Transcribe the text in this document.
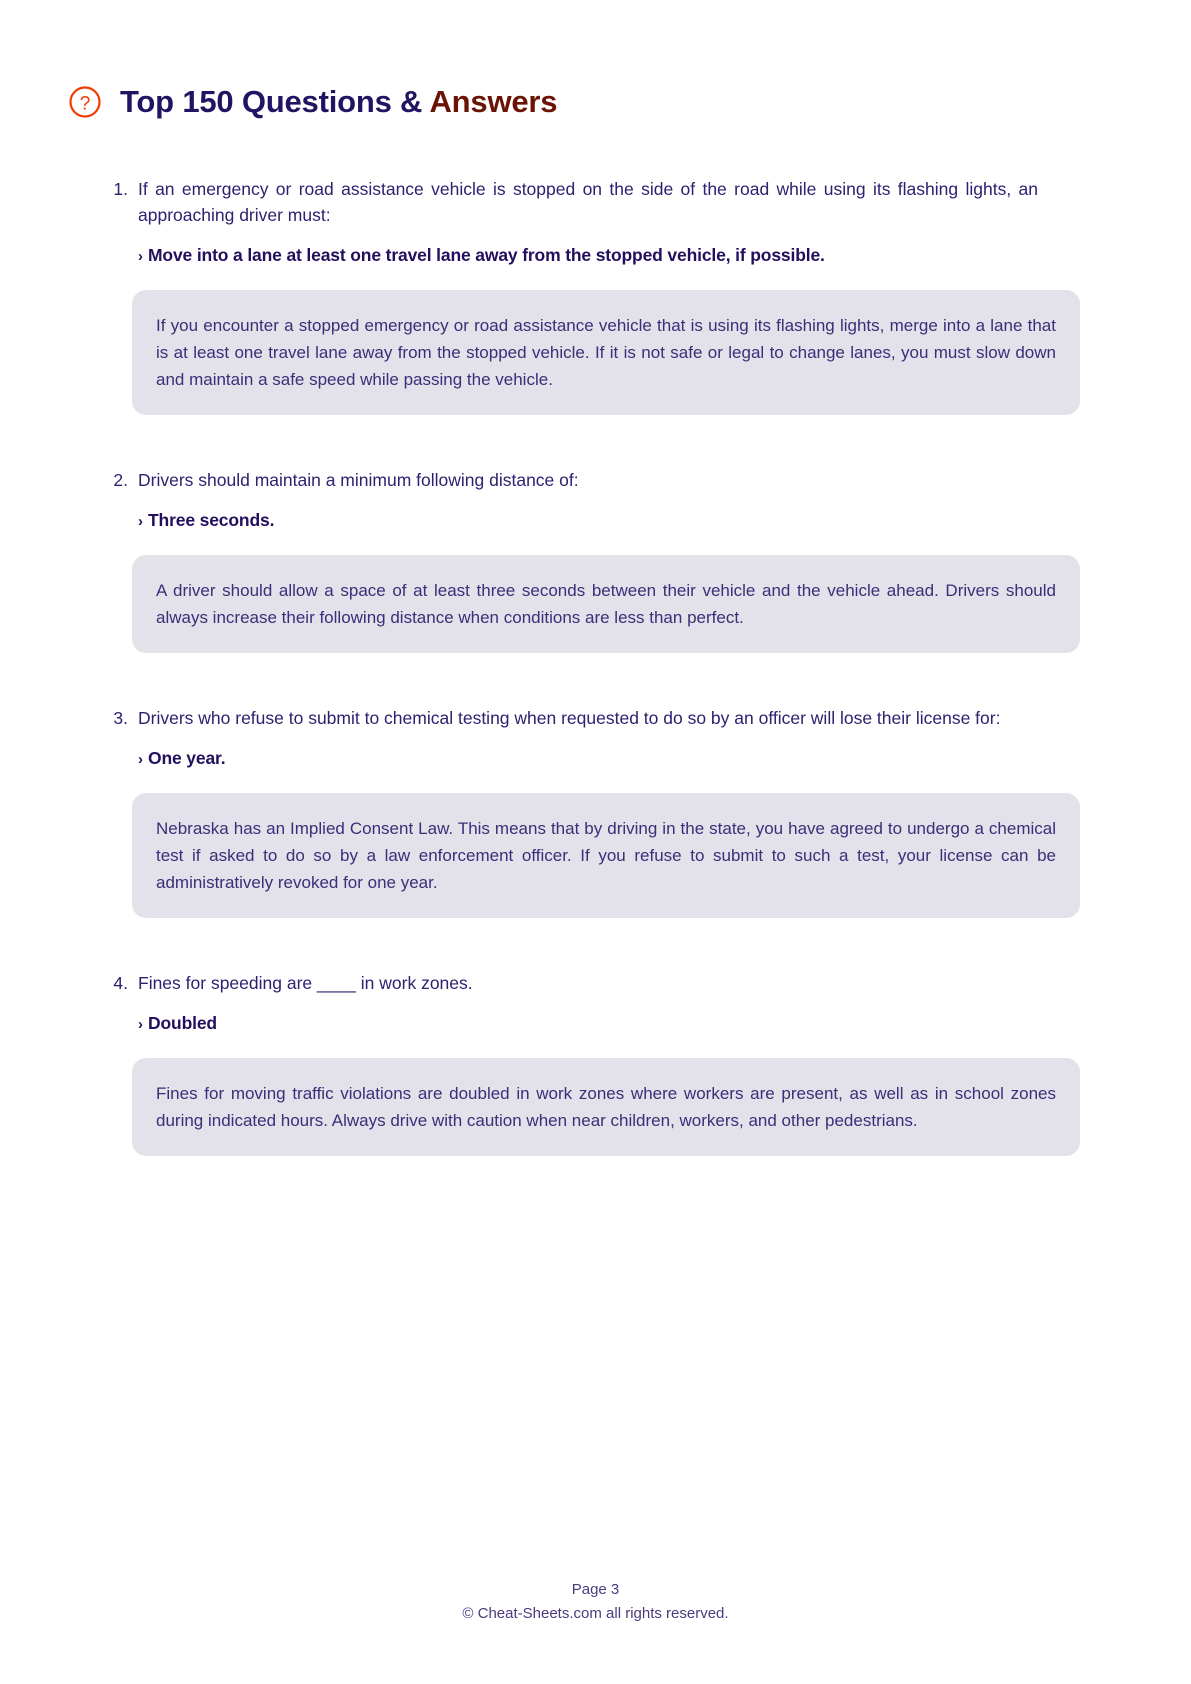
? Top 150 Questions & Answers
1. If an emergency or road assistance vehicle is stopped on the side of the road while using its flashing lights, an approaching driver must:
› Move into a lane at least one travel lane away from the stopped vehicle, if possible.

If you encounter a stopped emergency or road assistance vehicle that is using its flashing lights, merge into a lane that is at least one travel lane away from the stopped vehicle. If it is not safe or legal to change lanes, you must slow down and maintain a safe speed while passing the vehicle.

2. Drivers should maintain a minimum following distance of:
› Three seconds.

A driver should allow a space of at least three seconds between their vehicle and the vehicle ahead. Drivers should always increase their following distance when conditions are less than perfect.

3. Drivers who refuse to submit to chemical testing when requested to do so by an officer will lose their license for:
› One year.

Nebraska has an Implied Consent Law. This means that by driving in the state, you have agreed to undergo a chemical test if asked to do so by a law enforcement officer. If you refuse to submit to such a test, your license can be administratively revoked for one year.

4. Fines for speeding are ____ in work zones.
› Doubled

Fines for moving traffic violations are doubled in work zones where workers are present, as well as in school zones during indicated hours. Always drive with caution when near children, workers, and other pedestrians.

Page 3
© Cheat-Sheets.com all rights reserved.
